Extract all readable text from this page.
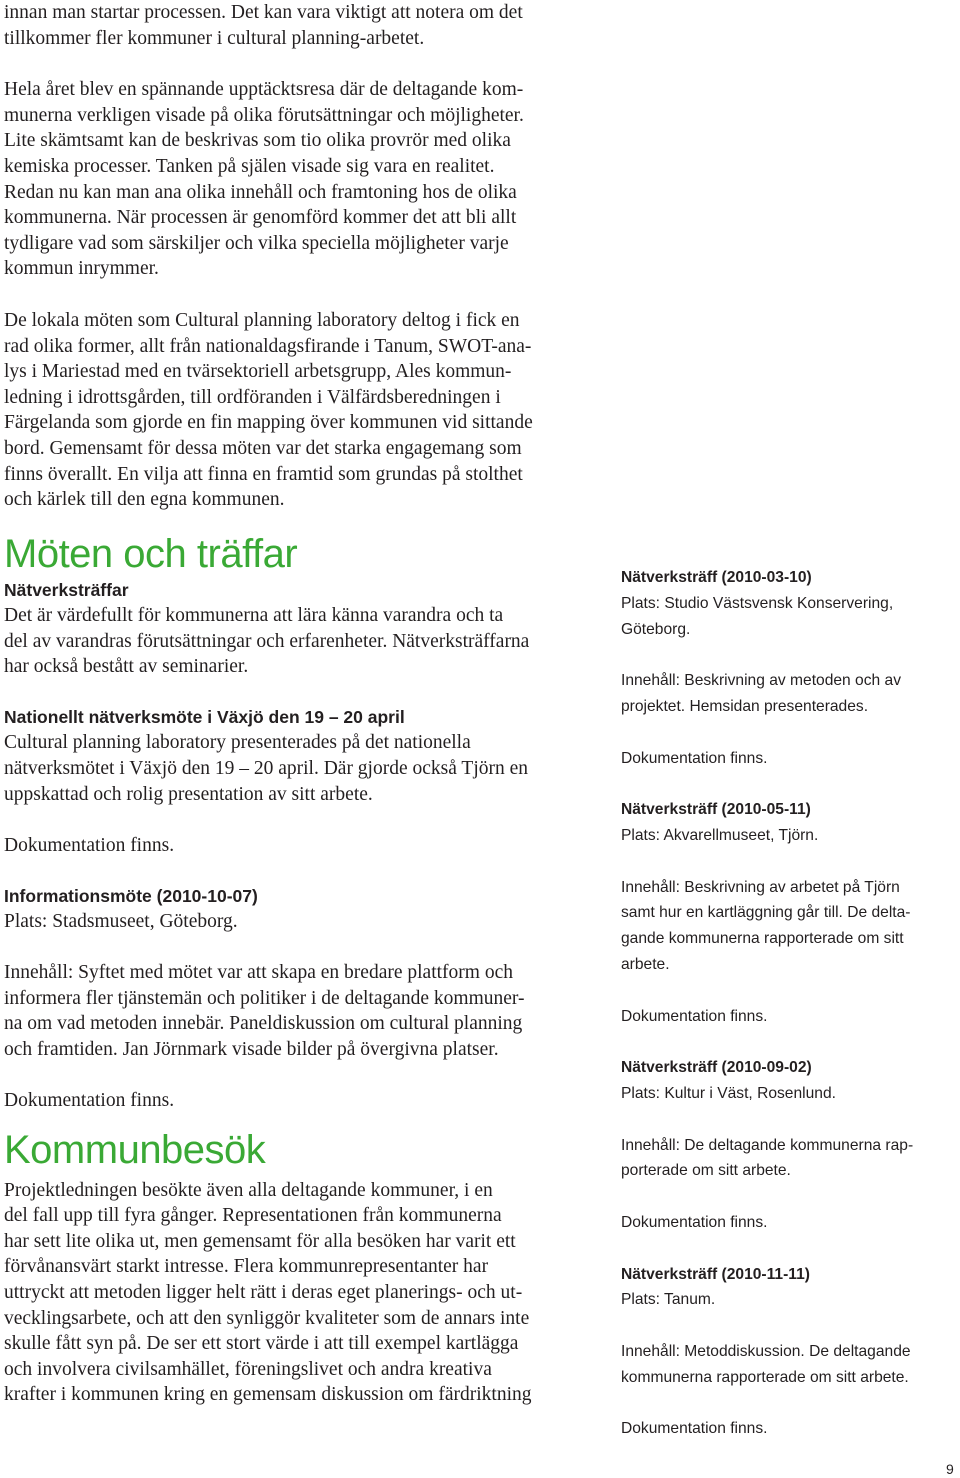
innan man startar processen. Det kan vara viktigt att notera om det
tillkommer fler kommuner i cultural planning-arbetet.

Hela året blev en spännande upptäcktsresa där de deltagande kom-
munerna verkligen visade på olika förutsättningar och möjligheter.
Lite skämtsamt kan de beskrivas som tio olika provrör med olika
kemiska processer. Tanken på själen visade sig vara en realitet.
Redan nu kan man ana olika innehåll och framtoning hos de olika
kommunerna. När processen är genomförd kommer det att bli allt
tydligare vad som särskiljer och vilka speciella möjligheter varje
kommun inrymmer.

De lokala möten som Cultural planning laboratory deltog i fick en
rad olika former, allt från nationaldagsfirande i Tanum, SWOT-ana-
lys i Mariestad med en tvärsektoriell arbetsgrupp, Ales kommun-
ledning i idrottsgården, till ordföranden i Välfärdsberedningen i
Färgelanda som gjorde en fin mapping över kommunen vid sittande
bord. Gemensamt för dessa möten var det starka engagemang som
finns överallt. En vilja att finna en framtid som grundas på stolthet
och kärlek till den egna kommunen.

Möten och träffar
Nätverksträffar
Det är värdefullt för kommunerna att lära känna varandra och ta
del av varandras förutsättningar och erfarenheter. Nätverksträffarna
har också bestått av seminarier.
Nationellt nätverksmöte i Växjö den 19 – 20 april
Cultural planning laboratory presenterades på det nationella
nätverksmötet i Växjö den 19 – 20 april. Där gjorde också Tjörn en
uppskattad och rolig presentation av sitt arbete.
Dokumentation finns.
Informationsmöte (2010-10-07)
Plats: Stadsmuseet, Göteborg.
Innehåll: Syftet med mötet var att skapa en bredare plattform och
informera fler tjänstemän och politiker i de deltagande kommuner-
na om vad metoden innebär. Paneldiskussion om cultural planning
och framtiden. Jan Jörnmark visade bilder på övergivna platser.
Dokumentation finns.
Kommunbesök
Projektledningen besökte även alla deltagande kommuner, i en
del fall upp till fyra gånger. Representationen från kommunerna
har sett lite olika ut, men gemensamt för alla besöken har varit ett
förvånansvärt starkt intresse. Flera kommunrepresentanter har
uttryckt att metoden ligger helt rätt i deras eget planerings- och ut-
vecklingsarbete, och att den synliggör kvaliteter som de annars inte
skulle fått syn på. De ser ett stort värde i att till exempel kartlägga
och involvera civilsamhället, föreningslivet och andra kreativa
krafter i kommunen kring en gemensam diskussion om färdriktning

Nätverksträff (2010-03-10)

Plats: Studio Västsvensk Konservering,

Göteborg.

Innehåll: Beskrivning av metoden och av

projektet. Hemsidan presenterades.

Dokumentation finns.

Nätverksträff (2010-05-11)

Plats: Akvarellmuseet, Tjörn.

Innehåll: Beskrivning av arbetet på Tjörn

samt hur en kartläggning går till. De delta-

gande kommunerna rapporterade om sitt

arbete.

Dokumentation finns.

Nätverksträff (2010-09-02)

Plats: Kultur i Väst, Rosenlund.

Innehåll: De deltagande kommunerna rap-

porterade om sitt arbete.

Dokumentation finns.

Nätverksträff (2010-11-11)

Plats: Tanum.

Innehåll: Metoddiskussion. De deltagande

kommunerna rapporterade om sitt arbete.

Dokumentation finns.

9
